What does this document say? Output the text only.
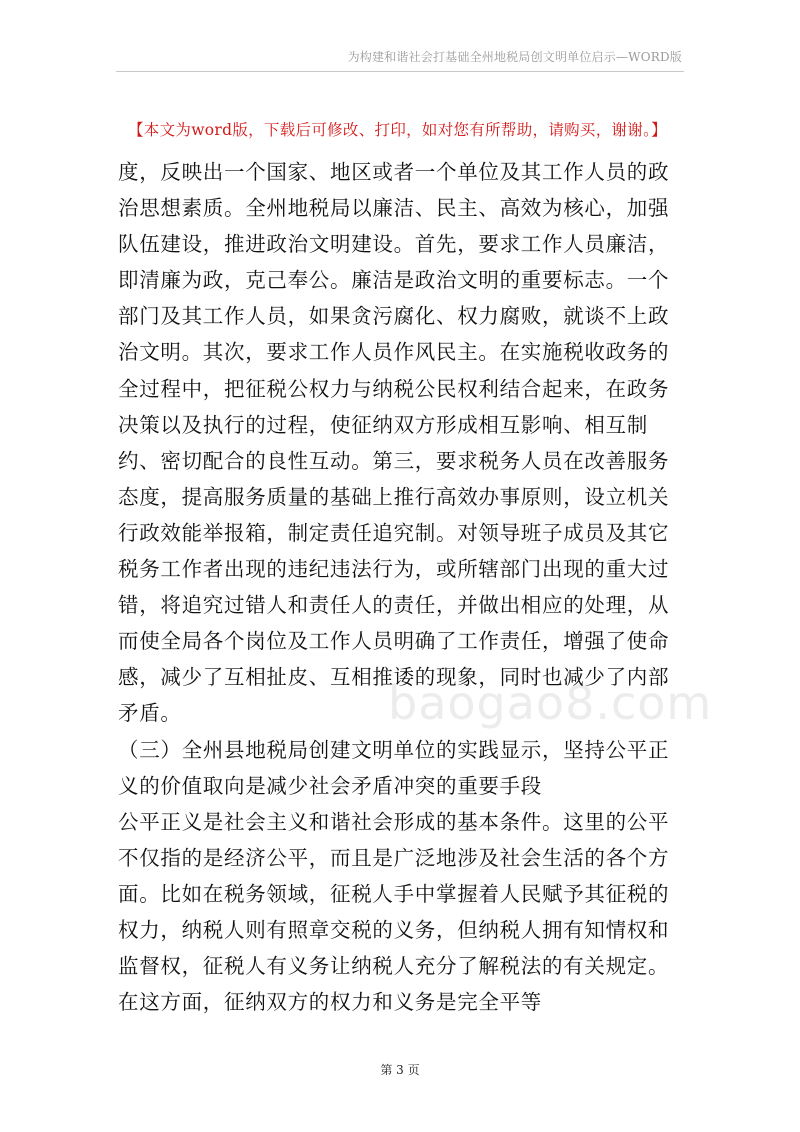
为构建和谐社会打基础全州地税局创文明单位启示—WORD版
【本文为word版，下载后可修改、打印，如对您有所帮助，请购买，谢谢。】
baogao8.com

度，反映出一个国家、地区或者一个单位及其工作人员的政治思想素质。全州地税局以廉洁、民主、高效为核心，加强队伍建设，推进政治文明建设。首先，要求工作人员廉洁，即清廉为政，克己奉公。廉洁是政治文明的重要标志。一个部门及其工作人员，如果贪污腐化、权力腐败，就谈不上政治文明。其次，要求工作人员作风民主。在实施税收政务的全过程中，把征税公权力与纳税公民权利结合起来，在政务决策以及执行的过程，使征纳双方形成相互影响、相互制约、密切配合的良性互动。第三，要求税务人员在改善服务态度，提高服务质量的基础上推行高效办事原则，设立机关行政效能举报箱，制定责任追究制。对领导班子成员及其它税务工作者出现的违纪违法行为，或所辖部门出现的重大过错，将追究过错人和责任人的责任，并做出相应的处理，从而使全局各个岗位及工作人员明确了工作责任，增强了使命感，减少了互相扯皮、互相推诿的现象，同时也减少了内部矛盾。

（三）全州县地税局创建文明单位的实践显示，坚持公平正义的价值取向是减少社会矛盾冲突的重要手段

公平正义是社会主义和谐社会形成的基本条件。这里的公平不仅指的是经济公平，而且是广泛地涉及社会生活的各个方面。比如在税务领域，征税人手中掌握着人民赋予其征税的权力，纳税人则有照章交税的义务，但纳税人拥有知情权和监督权，征税人有义务让纳税人充分了解税法的有关规定。在这方面，征纳双方的权力和义务是完全平等

第 3 页
